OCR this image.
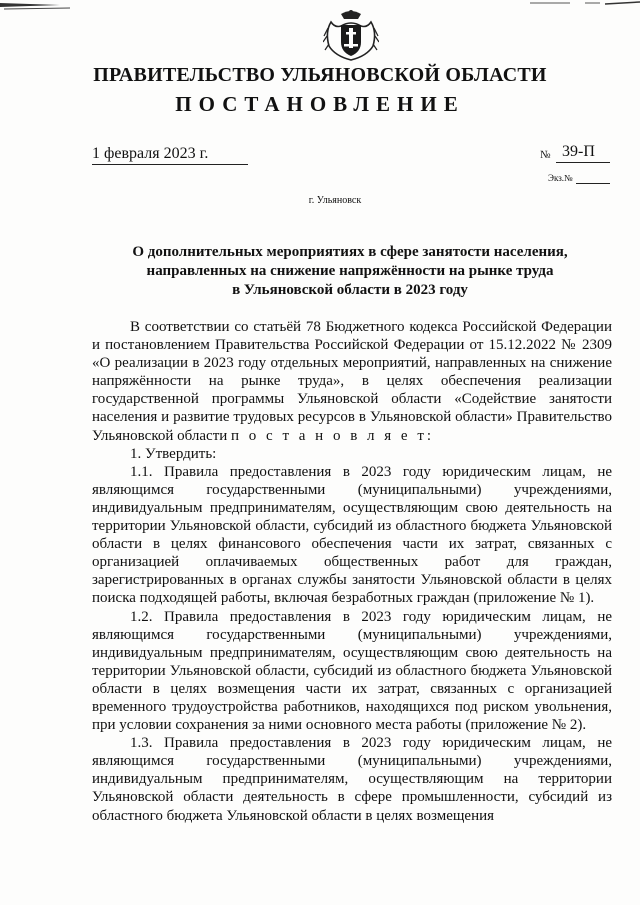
ПРАВИТЕЛЬСТВО УЛЬЯНОВСКОЙ ОБЛАСТИ
ПОСТАНОВЛЕНИЕ
1 февраля 2023 г.	№ 39-П
Экз.№
г. Ульяновск
О дополнительных мероприятиях в сфере занятости населения,
направленных на снижение напряжённости на рынке труда
в Ульяновской области в 2023 году

В соответствии со статьёй 78 Бюджетного кодекса Российской Федерации и постановлением Правительства Российской Федерации от 15.12.2022 № 2309 «О реализации в 2023 году отдельных мероприятий, направленных на снижение напряжённости на рынке труда», в целях обеспечения реализации государственной программы Ульяновской области «Содействие занятости населения и развитие трудовых ресурсов в Ульяновской области» Правительство Ульяновской области п о с т а н о в л я е т:

1. Утвердить:

1.1. Правила предоставления в 2023 году юридическим лицам, не являющимся государственными (муниципальными) учреждениями, индивидуальным предпринимателям, осуществляющим свою деятельность на территории Ульяновской области, субсидий из областного бюджета Ульяновской области в целях финансового обеспечения части их затрат, связанных с организацией оплачиваемых общественных работ для граждан, зарегистрированных в органах службы занятости Ульяновской области в целях поиска подходящей работы, включая безработных граждан (приложение № 1).

1.2. Правила предоставления в 2023 году юридическим лицам, не являющимся государственными (муниципальными) учреждениями, индивидуальным предпринимателям, осуществляющим свою деятельность на территории Ульяновской области, субсидий из областного бюджета Ульяновской области в целях возмещения части их затрат, связанных с организацией временного трудоустройства работников, находящихся под риском увольнения, при условии сохранения за ними основного места работы (приложение № 2).

1.3. Правила предоставления в 2023 году юридическим лицам, не являющимся государственными (муниципальными) учреждениями, индивидуальным предпринимателям, осуществляющим на территории Ульяновской области деятельность в сфере промышленности, субсидий из областного бюджета Ульяновской области в целях возмещения
